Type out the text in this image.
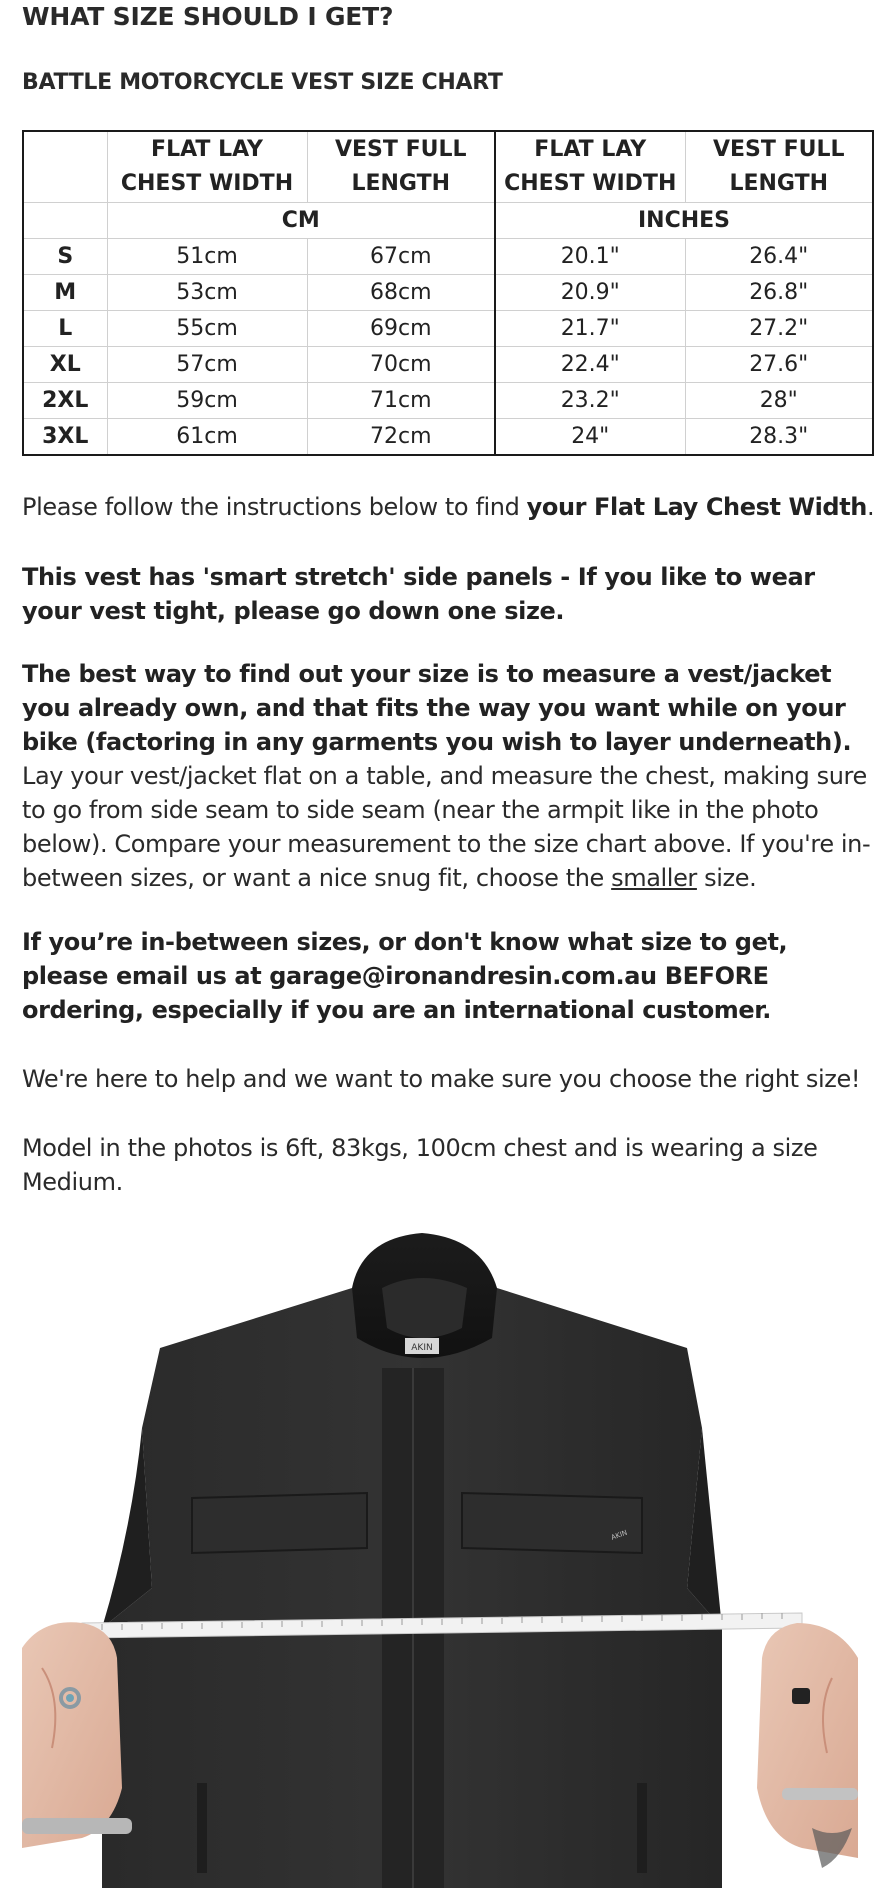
WHAT SIZE SHOULD I GET?
BATTLE MOTORCYCLE VEST SIZE CHART
	FLAT LAY CHEST WIDTH	VEST FULL LENGTH	FLAT LAY CHEST WIDTH	VEST FULL LENGTH
	CM		INCHES	
S	51cm	67cm	20.1"	26.4"
M	53cm	68cm	20.9"	26.8"
L	55cm	69cm	21.7"	27.2"
XL	57cm	70cm	22.4"	27.6"
2XL	59cm	71cm	23.2"	28"
3XL	61cm	72cm	24"	28.3"
Please follow the instructions below to find your Flat Lay Chest Width.
This vest has 'smart stretch' side panels - If you like to wear your vest tight, please go down one size.
The best way to find out your size is to measure a vest/jacket you already own, and that fits the way you want while on your bike (factoring in any garments you wish to layer underneath). Lay your vest/jacket flat on a table, and measure the chest, making sure to go from side seam to side seam (near the armpit like in the photo below). Compare your measurement to the size chart above. If you're in-between sizes, or want a nice snug fit, choose the smaller size.
If you’re in-between sizes, or don't know what size to get, please email us at garage@ironandresin.com.au BEFORE ordering, especially if you are an international customer.
We're here to help and we want to make sure you choose the right size!
Model in the photos is 6ft, 83kgs, 100cm chest and is wearing a size Medium.
AKIN
AKIN
